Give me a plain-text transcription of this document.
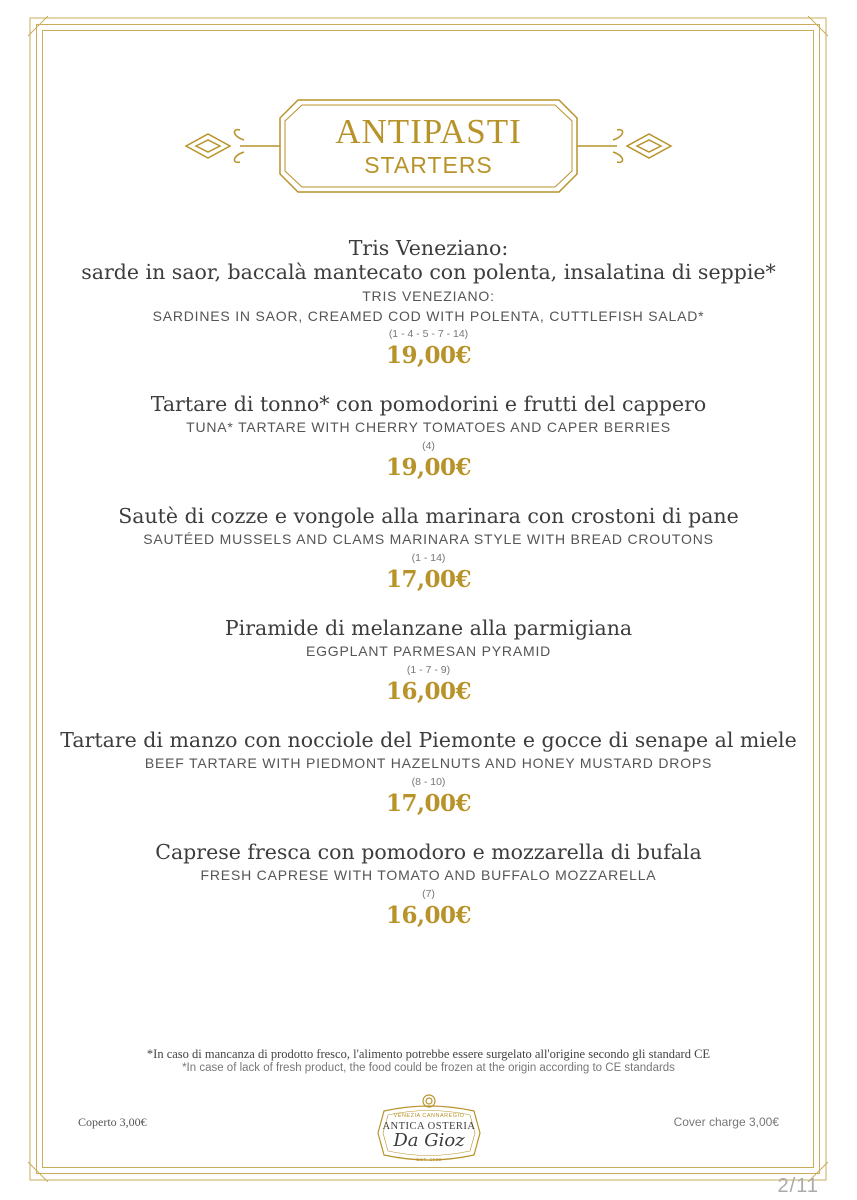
ANTIPASTI
STARTERS
Tris Veneziano:
sarde in saor, baccalà mantecato con polenta, insalatina di seppie*
TRIS VENEZIANO:
SARDINES IN SAOR, CREAMED COD WITH POLENTA, CUTTLEFISH SALAD*
(1 - 4 - 5 - 7 - 14)
19,00€
Tartare di tonno* con pomodorini e frutti del cappero
TUNA* TARTARE WITH CHERRY TOMATOES AND CAPER BERRIES
(4)
19,00€
Sautè di cozze e vongole alla marinara con crostoni di pane
SAUTÉED MUSSELS AND CLAMS MARINARA STYLE WITH BREAD CROUTONS
(1 - 14)
17,00€
Piramide di melanzane alla parmigiana
EGGPLANT PARMESAN PYRAMID
(1 - 7 - 9)
16,00€
Tartare di manzo con nocciole del Piemonte e gocce di senape al miele
BEEF TARTARE WITH PIEDMONT HAZELNUTS AND HONEY MUSTARD DROPS
(8 - 10)
17,00€
Caprese fresca con pomodoro e mozzarella di bufala
FRESH CAPRESE WITH TOMATO AND BUFFALO MOZZARELLA
(7)
16,00€
*In caso di mancanza di prodotto fresco, l'alimento potrebbe essere surgelato all'origine secondo gli standard CE
*In case of lack of fresh product, the food could be frozen at the origin according to CE standards
Coperto 3,00€	Cover charge 3,00€
VENEZIA CANNAREGIO
ANTICA OSTERIA
Da Gioz
EST. 1930
2/11
